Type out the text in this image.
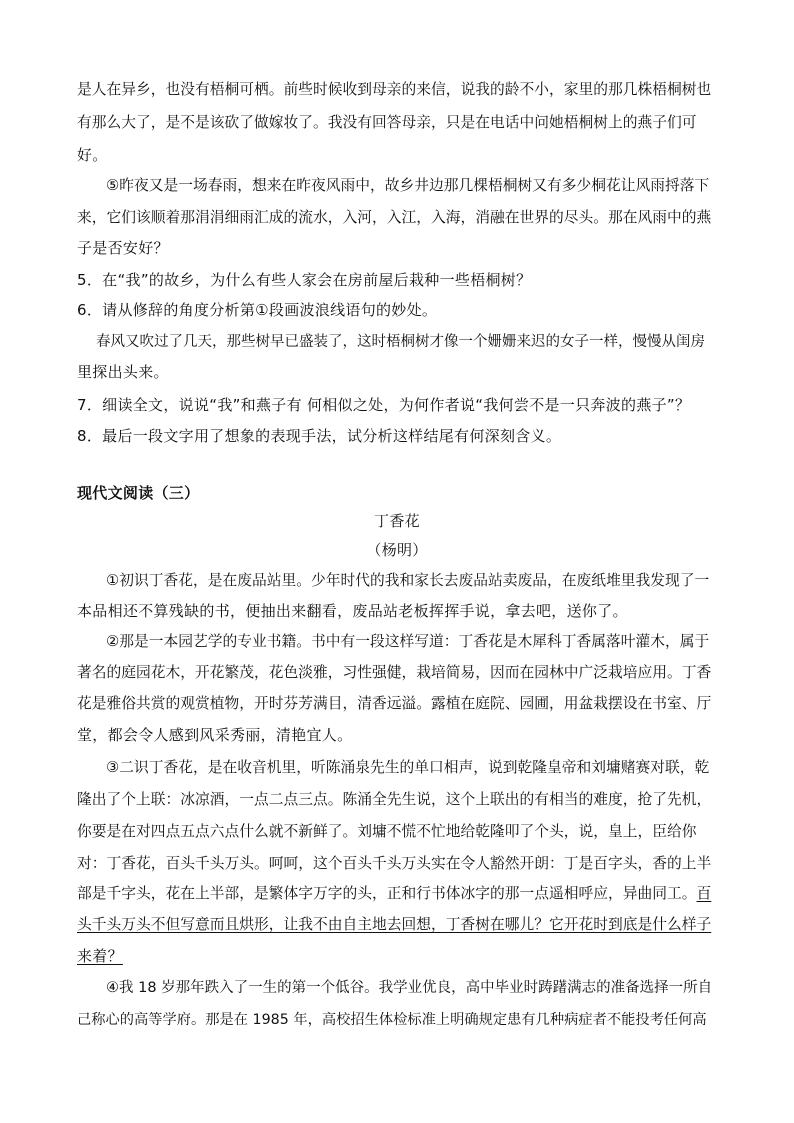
是人在异乡，也没有梧桐可栖。前些时候收到母亲的来信，说我的龄不小，家里的那几株梧桐树也
有那么大了，是不是该砍了做嫁妆了。我没有回答母亲，只是在电话中问她梧桐树上的燕子们可
好。
⑤昨夜又是一场春雨，想来在昨夜风雨中，故乡井边那几棵梧桐树又有多少桐花让风雨捋落下
来，它们该顺着那涓涓细雨汇成的流水，入河，入江，入海，消融在世界的尽头。那在风雨中的燕
子是否安好？
5．在“我”的故乡，为什么有些人家会在房前屋后栽种一些梧桐树？
6．请从修辞的角度分析第①段画波浪线语句的妙处。
春风又吹过了几天，那些树早已盛装了，这时梧桐树才像一个姗姗来迟的女子一样，慢慢从闺房
里探出头来。
7．细读全文，说说“我”和燕子有 何相似之处，为何作者说“我何尝不是一只奔波的燕子”？
8．最后一段文字用了想象的表现手法，试分析这样结尾有何深刻含义。
现代文阅读（三）
丁香花
（杨明）
①初识丁香花，是在废品站里。少年时代的我和家长去废品站卖废品，在废纸堆里我发现了一
本品相还不算残缺的书，便抽出来翻看，废品站老板挥挥手说，拿去吧，送你了。
②那是一本园艺学的专业书籍。书中有一段这样写道：丁香花是木犀科丁香属落叶灌木，属于
著名的庭园花木，开花繁茂，花色淡雅，习性强健，栽培简易，因而在园林中广泛栽培应用。丁香
花是雅俗共赏的观赏植物，开时芬芳满目，清香远溢。露植在庭院、园圃，用盆栽摆设在书室、厅
堂，都会令人感到风采秀丽，清艳宜人。
③二识丁香花，是在收音机里，听陈涌泉先生的单口相声，说到乾隆皇帝和刘墉赌赛对联，乾
隆出了个上联：冰凉酒，一点二点三点。陈涌全先生说，这个上联出的有相当的难度，抢了先机，
你要是在对四点五点六点什么就不新鲜了。刘墉不慌不忙地给乾隆叩了个头，说，皇上，臣给你
对：丁香花，百头千头万头。呵呵，这个百头千头万头实在令人豁然开朗：丁是百字头，香的上半
部是千字头，花在上半部，是繁体字万字的头，正和行书体冰字的那一点遥相呼应，异曲同工。百
头千头万头不但写意而且烘形，让我不由自主地去回想，丁香树在哪儿？它开花时到底是什么样子
来着？
④我 18 岁那年跌入了一生的第一个低谷。我学业优良，高中毕业时踌躇满志的准备选择一所自
己称心的高等学府。那是在 1985 年，高校招生体检标准上明确规定患有几种病症者不能投考任何高
